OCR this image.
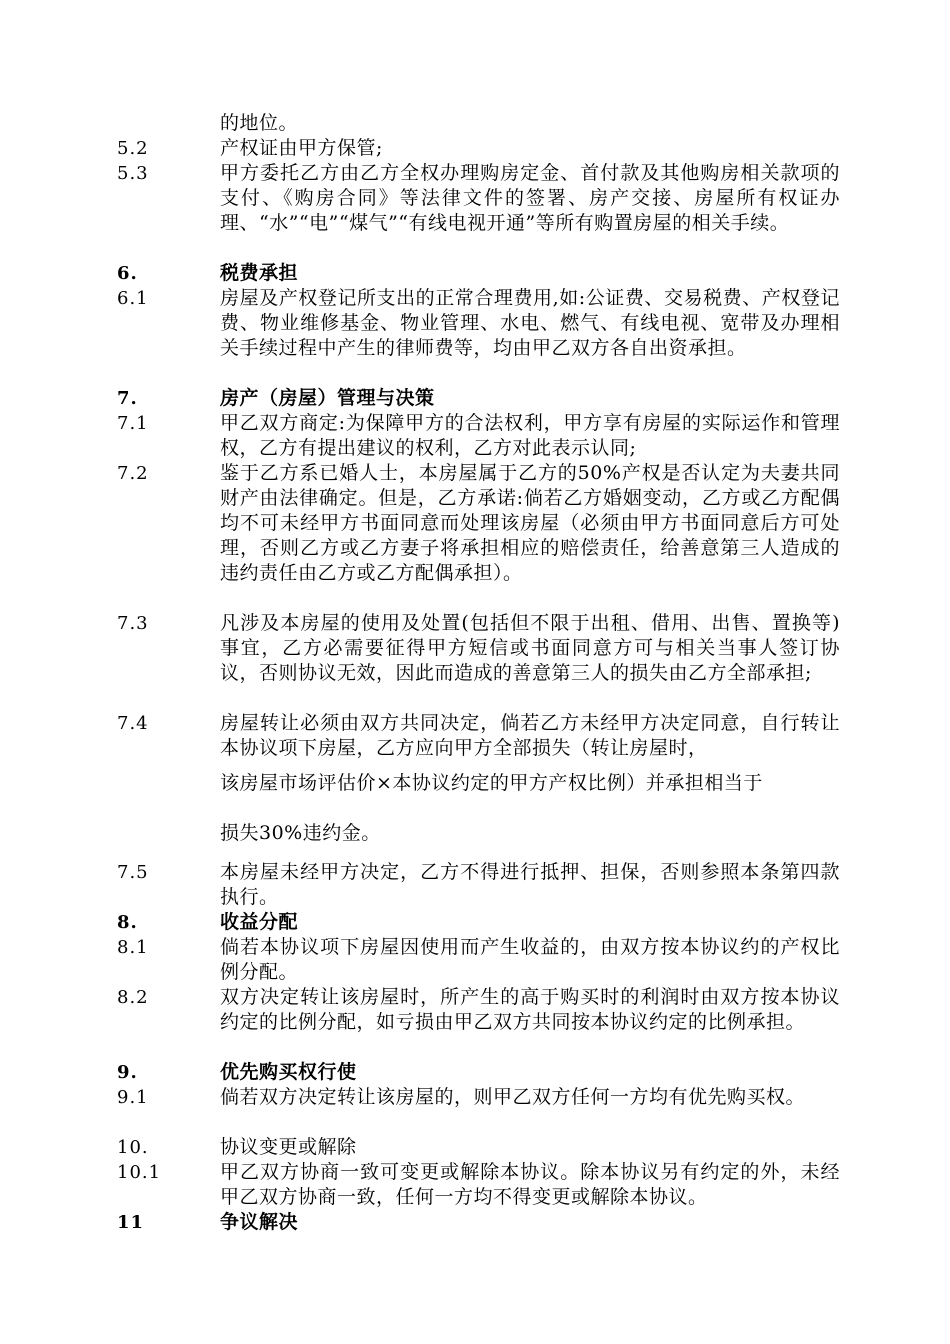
的地位。
5.2	产权证由甲方保管;
5.3	甲方委托乙方由乙方全权办理购房定金、首付款及其他购房相关款项的支付、《购房合同》等法律文件的签署、房产交接、房屋所有权证办理、“水”“电”“煤气”“有线电视开通”等所有购置房屋的相关手续。
6.	税费承担
6.1	房屋及产权登记所支出的正常合理费用,如:公证费、交易税费、产权登记费、物业维修基金、物业管理、水电、燃气、有线电视、宽带及办理相关手续过程中产生的律师费等，均由甲乙双方各自出资承担。
7.	房产（房屋）管理与决策
7.1	甲乙双方商定:为保障甲方的合法权利，甲方享有房屋的实际运作和管理权，乙方有提出建议的权利，乙方对此表示认同;
7.2	鉴于乙方系已婚人士，本房屋属于乙方的50%产权是否认定为夫妻共同财产由法律确定。但是，乙方承诺:倘若乙方婚姻变动，乙方或乙方配偶均不可未经甲方书面同意而处理该房屋（必须由甲方书面同意后方可处理，否则乙方或乙方妻子将承担相应的赔偿责任，给善意第三人造成的违约责任由乙方或乙方配偶承担）。
7.3	凡涉及本房屋的使用及处置(包括但不限于出租、借用、出售、置换等)事宜，乙方必需要征得甲方短信或书面同意方可与相关当事人签订协议，否则协议无效，因此而造成的善意第三人的损失由乙方全部承担;
7.4	房屋转让必须由双方共同决定，倘若乙方未经甲方决定同意，自行转让本协议项下房屋，乙方应向甲方全部损失（转让房屋时，
该房屋市场评估价×本协议约定的甲方产权比例）并承担相当于
损失30%违约金。
7.5	本房屋未经甲方决定，乙方不得进行抵押、担保，否则参照本条第四款执行。
8.	收益分配
8.1	倘若本协议项下房屋因使用而产生收益的，由双方按本协议约的产权比例分配。
8.2	双方决定转让该房屋时，所产生的高于购买时的利润时由双方按本协议约定的比例分配，如亏损由甲乙双方共同按本协议约定的比例承担。
9.	优先购买权行使
9.1	倘若双方决定转让该房屋的，则甲乙双方任何一方均有优先购买权。
10.	协议变更或解除
10.1	甲乙双方协商一致可变更或解除本协议。除本协议另有约定的外，未经甲乙双方协商一致，任何一方均不得变更或解除本协议。
11	争议解决
